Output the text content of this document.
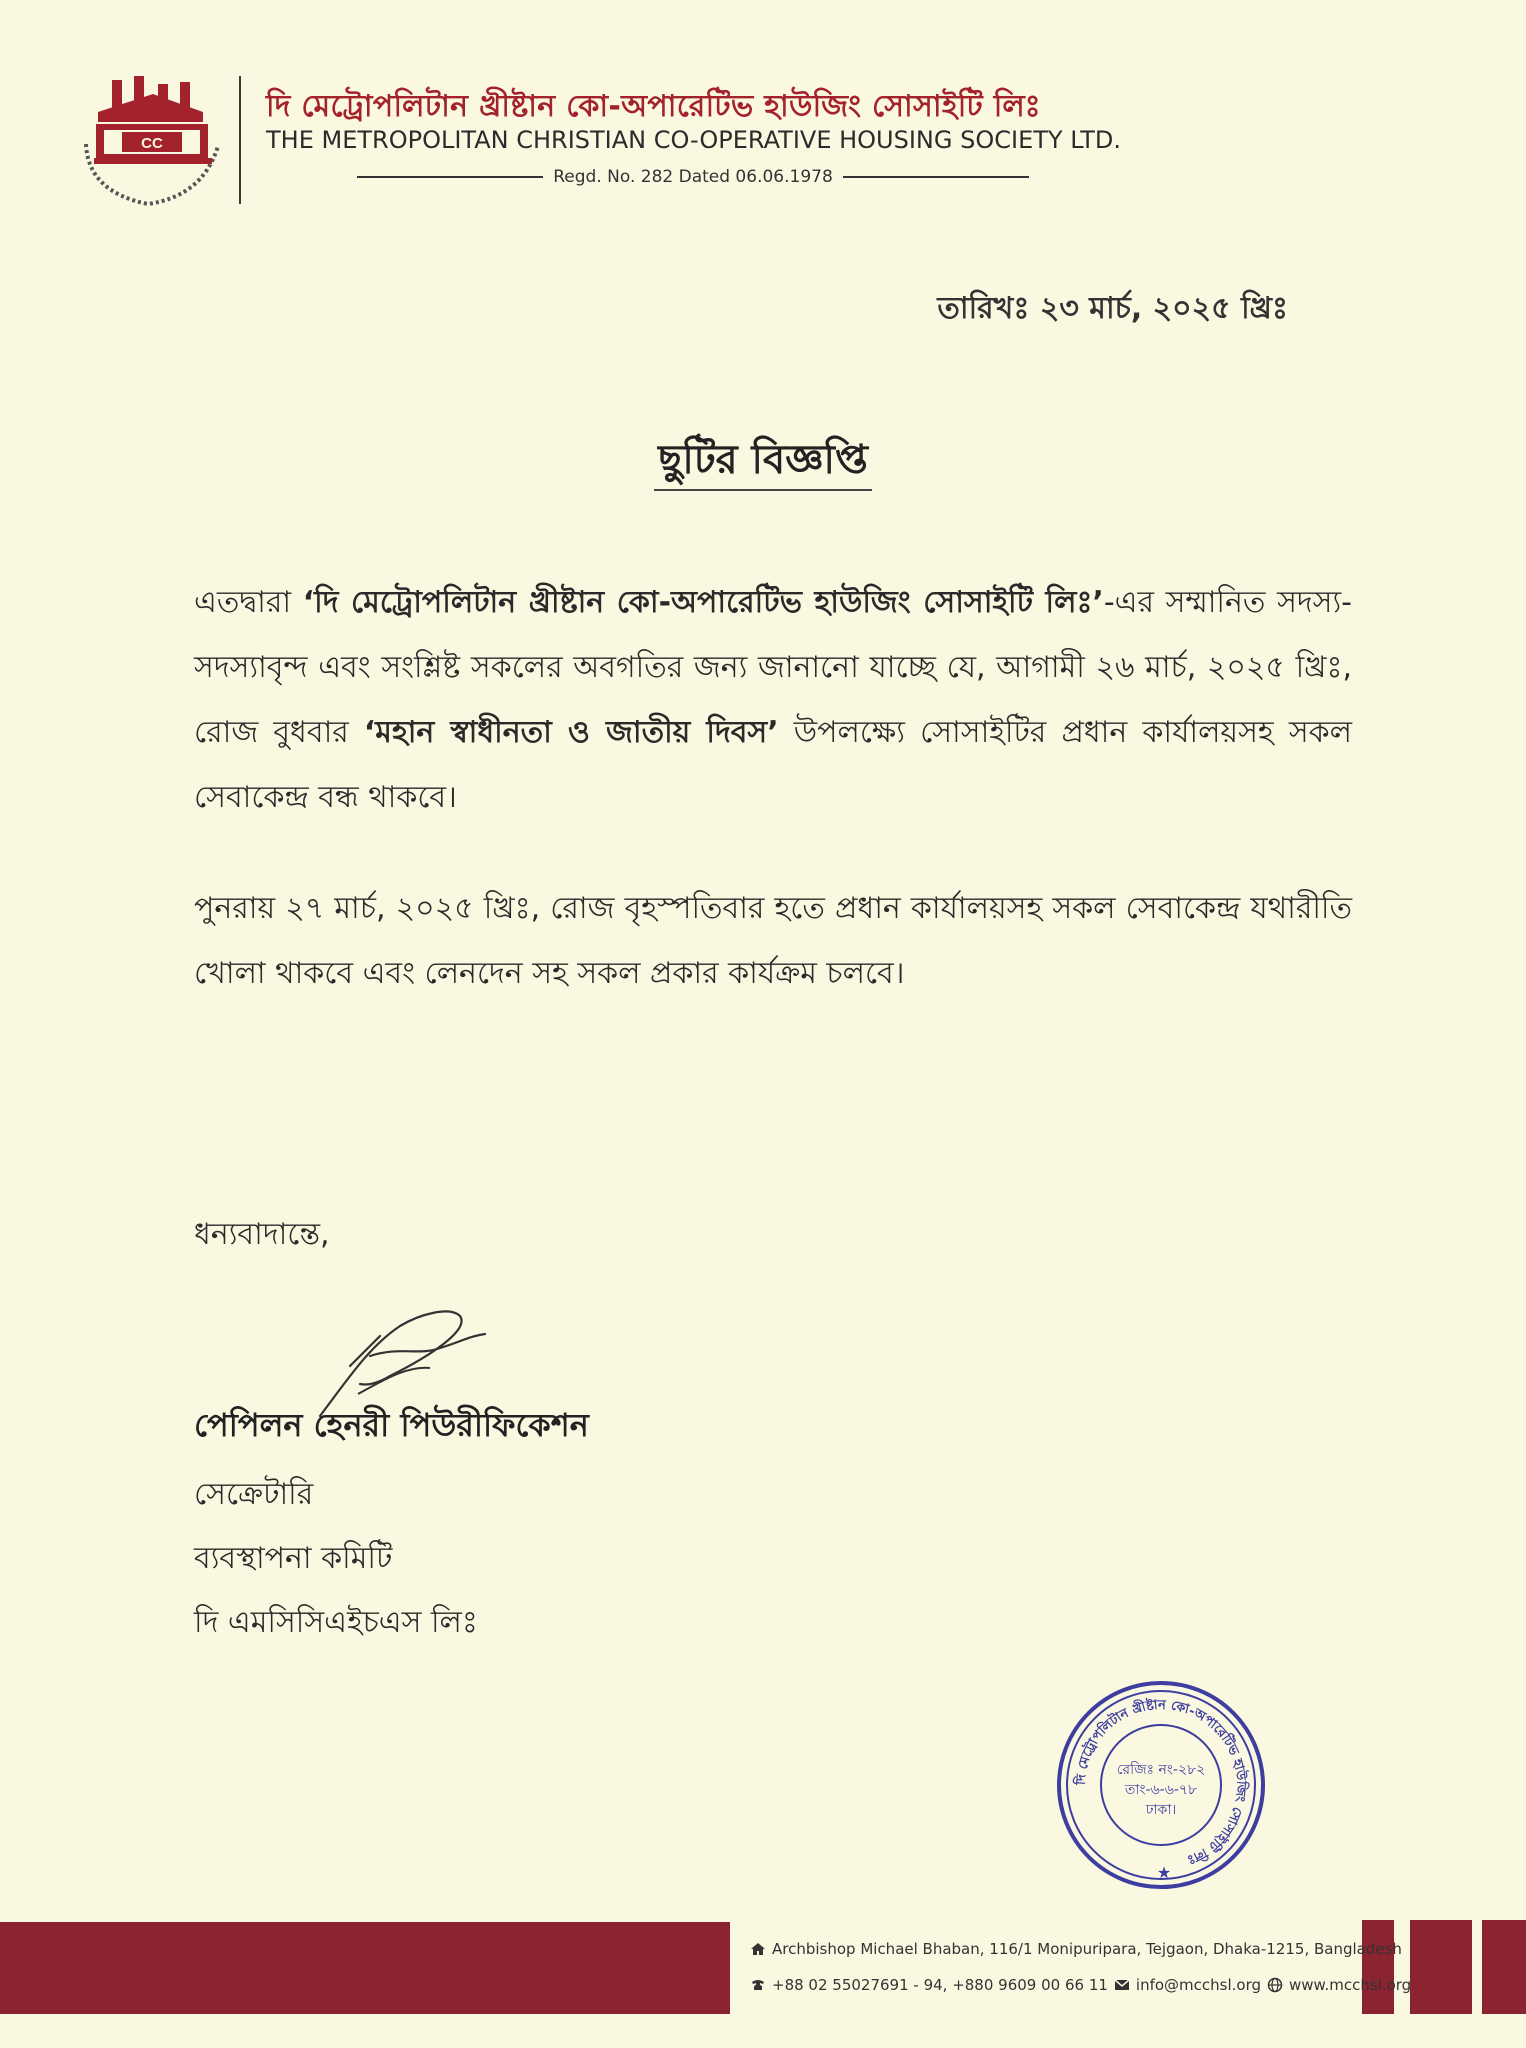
CC
দি মেট্রোপলিটান খ্রীষ্টান কো-অপারেটিভ হাউজিং সোসাইটি লিঃ
THE METROPOLITAN CHRISTIAN CO-OPERATIVE HOUSING SOCIETY LTD.
Regd. No. 282 Dated 06.06.1978
তারিখঃ ২৩ মার্চ, ২০২৫ খ্রিঃ
ছুটির বিজ্ঞপ্তি
এতদ্বারা ‘দি মেট্রোপলিটান খ্রীষ্টান কো-অপারেটিভ হাউজিং সোসাইটি লিঃ’-এর সম্মানিত সদস্য-সদস্যাবৃন্দ এবং সংশ্লিষ্ট সকলের অবগতির জন্য জানানো যাচ্ছে যে, আগামী ২৬ মার্চ, ২০২৫ খ্রিঃ, রোজ বুধবার ‘মহান স্বাধীনতা ও জাতীয় দিবস’ উপলক্ষ্যে সোসাইটির প্রধান কার্যালয়সহ সকল সেবাকেন্দ্র বন্ধ থাকবে।
পুনরায় ২৭ মার্চ, ২০২৫ খ্রিঃ, রোজ বৃহস্পতিবার হতে প্রধান কার্যালয়সহ সকল সেবাকেন্দ্র যথারীতি খোলা থাকবে এবং লেনদেন সহ সকল প্রকার কার্যক্রম চলবে।
ধন্যবাদান্তে,
পেপিলন হেনরী পিউরীফিকেশন
সেক্রেটারি
ব্যবস্থাপনা কমিটি
দি এমসিসিএইচএস লিঃ
দি মেট্রোপলিটান খ্রীষ্টান কো-অপারেটিভ হাউজিং সোসাইটি লিঃ
রেজিঃ নং-২৮২
তাং-৬-৬-৭৮
ঢাকা।
★
Archbishop Michael Bhaban, 116/1 Monipuripara, Tejgaon, Dhaka-1215, Bangladesh
+88 02 55027691 - 94, +880 9609 00 66 11 info@mcchsl.org www.mcchsl.org
